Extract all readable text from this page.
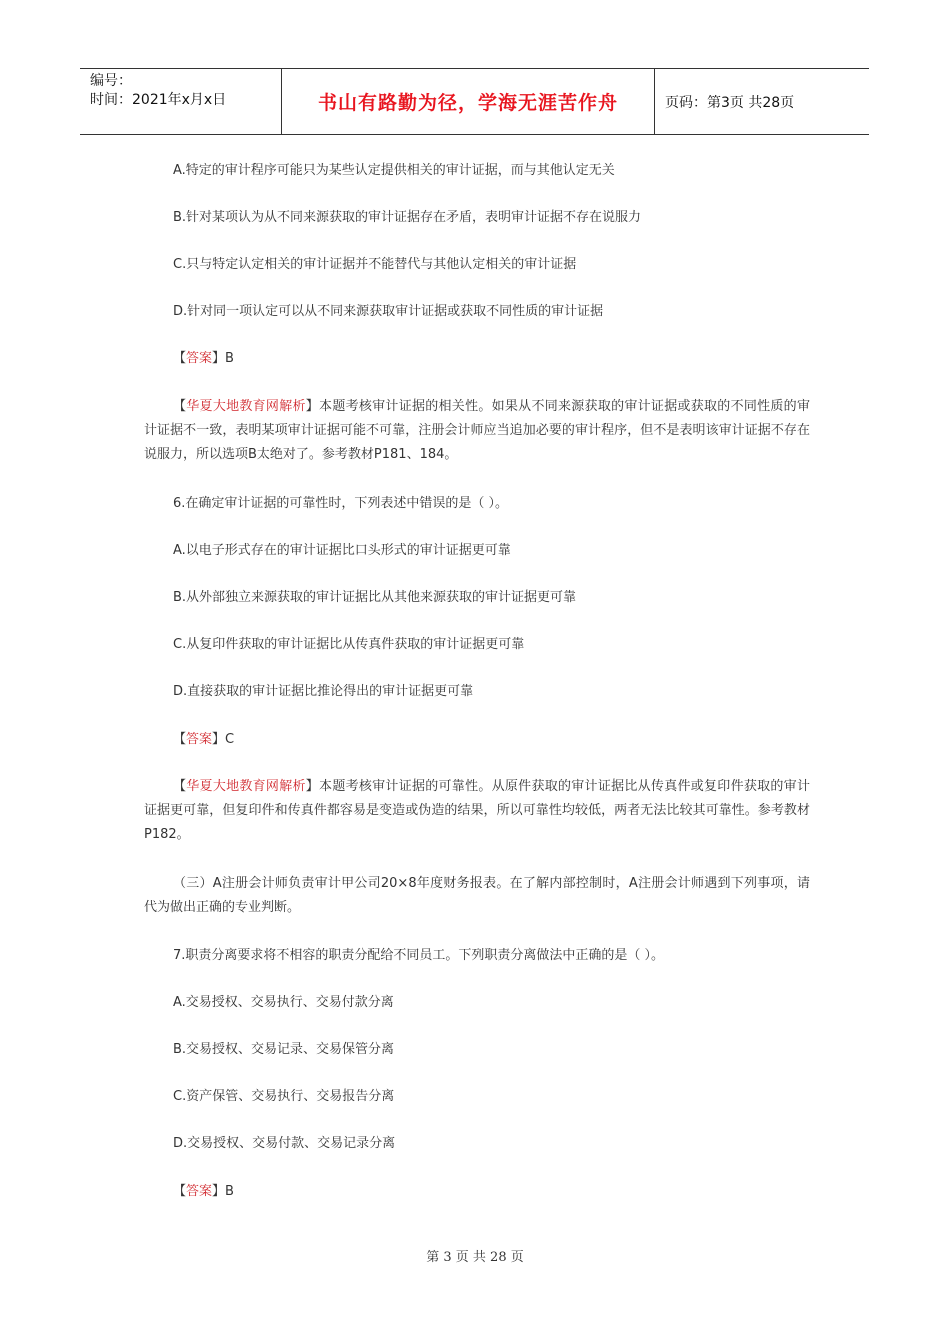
编号：
时间：2021年x月x日	书山有路勤为径，学海无涯苦作舟	页码：第3页 共28页
A.特定的审计程序可能只为某些认定提供相关的审计证据，而与其他认定无关
B.针对某项认为从不同来源获取的审计证据存在矛盾，表明审计证据不存在说服力
C.只与特定认定相关的审计证据并不能替代与其他认定相关的审计证据
D.针对同一项认定可以从不同来源获取审计证据或获取不同性质的审计证据
【答案】B
【华夏大地教育网解析】本题考核审计证据的相关性。如果从不同来源获取的审计证据或获取的不同性质的审计证据不一致，表明某项审计证据可能不可靠，注册会计师应当追加必要的审计程序，但不是表明该审计证据不存在说服力，所以选项B太绝对了。参考教材P181、184。
6.在确定审计证据的可靠性时，下列表述中错误的是（ ）。
A.以电子形式存在的审计证据比口头形式的审计证据更可靠
B.从外部独立来源获取的审计证据比从其他来源获取的审计证据更可靠
C.从复印件获取的审计证据比从传真件获取的审计证据更可靠
D.直接获取的审计证据比推论得出的审计证据更可靠
【答案】C
【华夏大地教育网解析】本题考核审计证据的可靠性。从原件获取的审计证据比从传真件或复印件获取的审计证据更可靠，但复印件和传真件都容易是变造或伪造的结果，所以可靠性均较低，两者无法比较其可靠性。参考教材P182。
（三）A注册会计师负责审计甲公司20×8年度财务报表。在了解内部控制时，A注册会计师遇到下列事项，请代为做出正确的专业判断。
7.职责分离要求将不相容的职责分配给不同员工。下列职责分离做法中正确的是（ ）。
A.交易授权、交易执行、交易付款分离
B.交易授权、交易记录、交易保管分离
C.资产保管、交易执行、交易报告分离
D.交易授权、交易付款、交易记录分离
【答案】B
第 3 页 共 28 页
